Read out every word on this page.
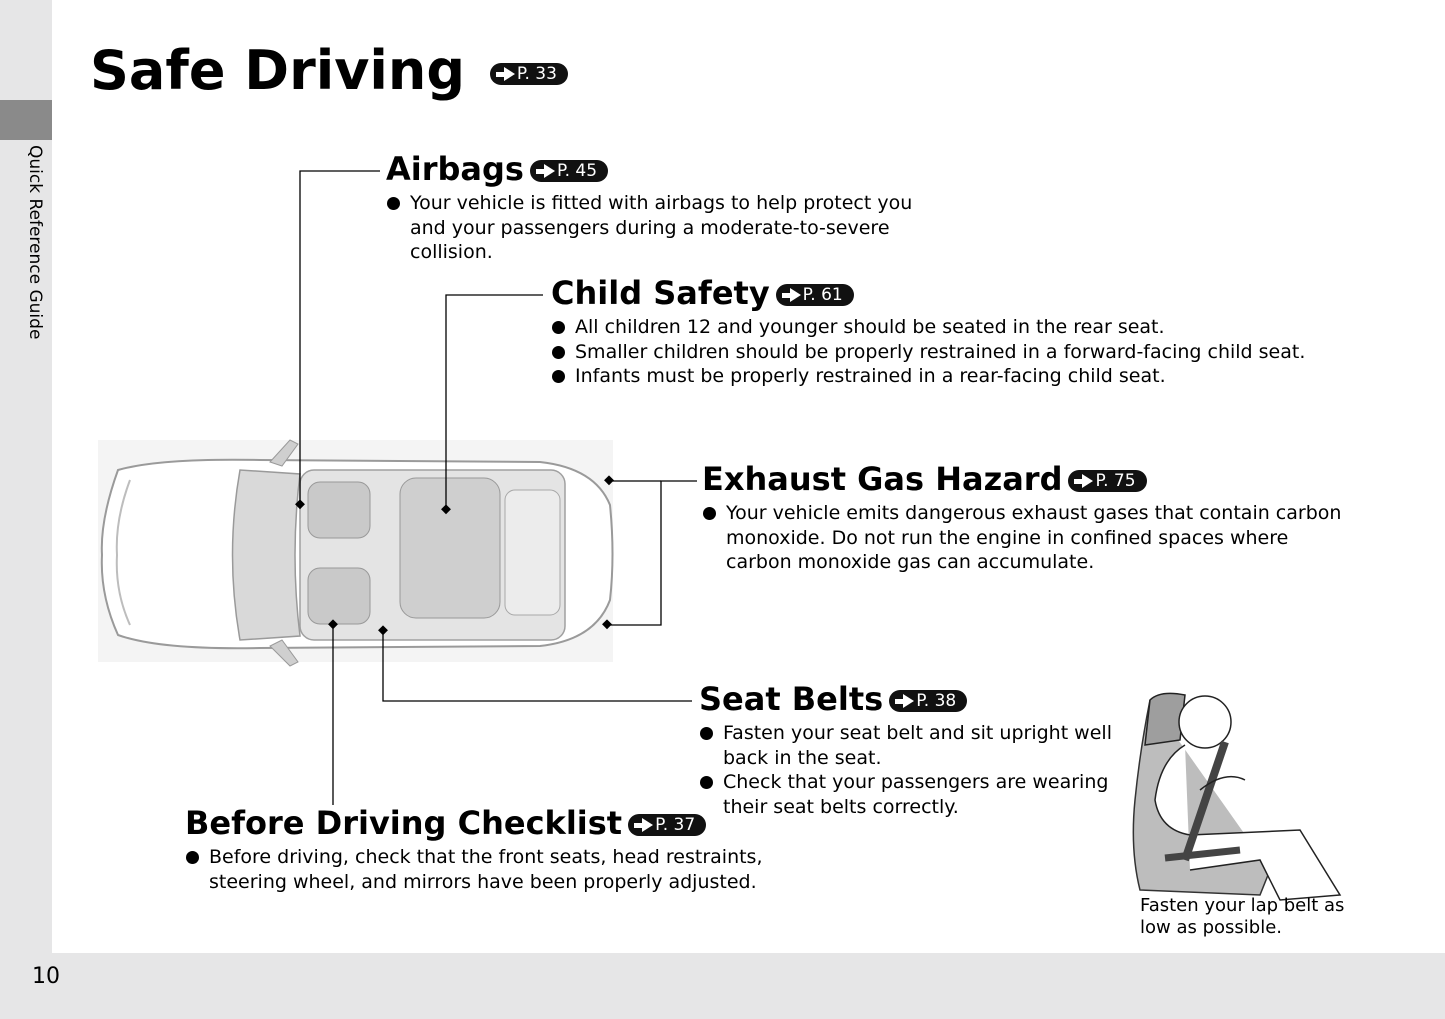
Quick Reference Guide
10
Safe Driving	P. 33
Airbags P. 45
Your vehicle is fitted with airbags to help protect you and your passengers during a moderate-to-severe collision.
Child Safety P. 61
All children 12 and younger should be seated in the rear seat.
Smaller children should be properly restrained in a forward-facing child seat.
Infants must be properly restrained in a rear-facing child seat.
Exhaust Gas Hazard P. 75
Your vehicle emits dangerous exhaust gases that contain carbon monoxide. Do not run the engine in confined spaces where carbon monoxide gas can accumulate.
Seat Belts P. 38
Fasten your seat belt and sit upright well back in the seat.
Check that your passengers are wearing their seat belts correctly.
Before Driving Checklist P. 37
Before driving, check that the front seats, head restraints, steering wheel, and mirrors have been properly adjusted.
Fasten your lap belt as low as possible.
